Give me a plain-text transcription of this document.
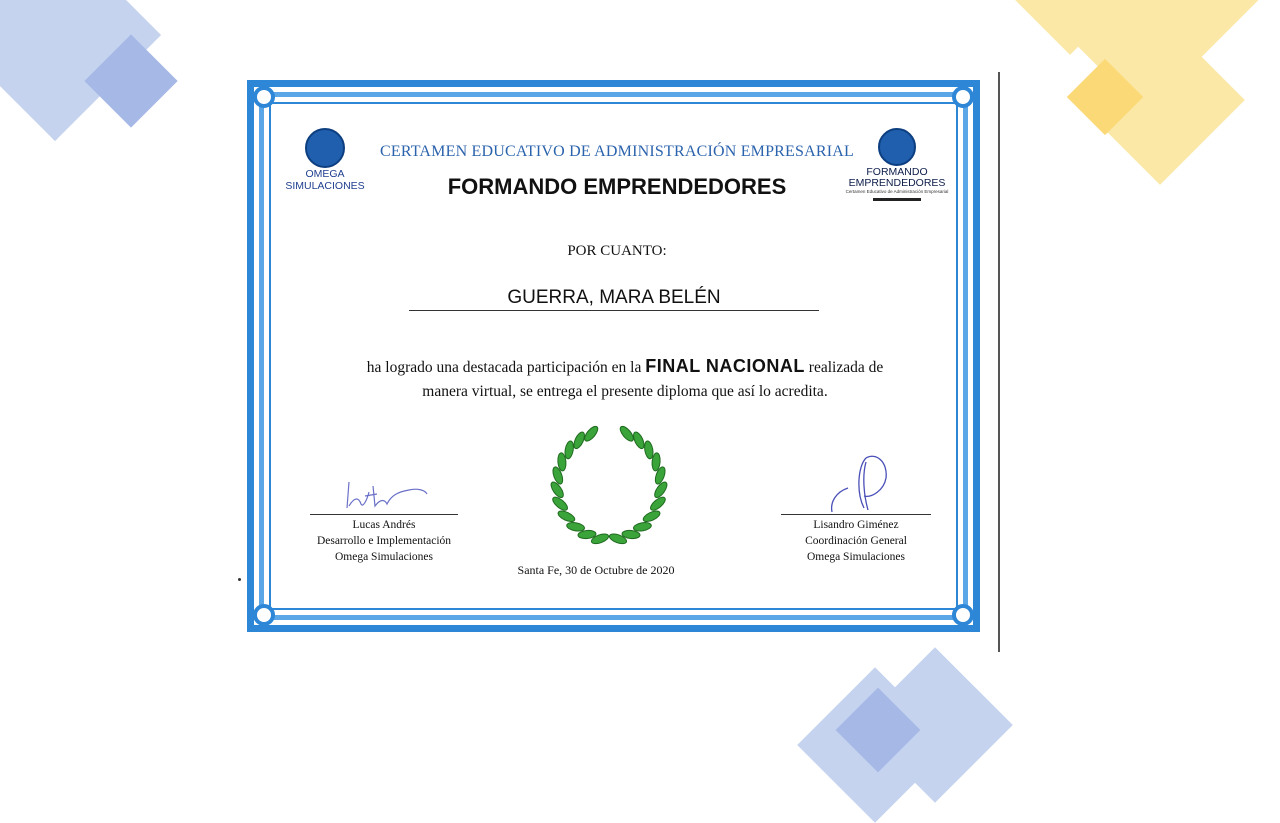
OMEGA
SIMULACIONES
FORMANDO
EMPRENDEDORES
Certamen Educativo de Administración Empresarial
CERTAMEN EDUCATIVO DE ADMINISTRACIÓN EMPRESARIAL
FORMANDO EMPRENDEDORES
POR CUANTO:
GUERRA, MARA BELÉN
ha logrado una destacada participación en la FINAL NACIONAL realizada de
manera virtual, se entrega el presente diploma que así lo acredita.
Lucas Andrés
Desarrollo e Implementación
Omega Simulaciones
Lisandro Giménez
Coordinación General
Omega Simulaciones
Santa Fe, 30 de Octubre de 2020
